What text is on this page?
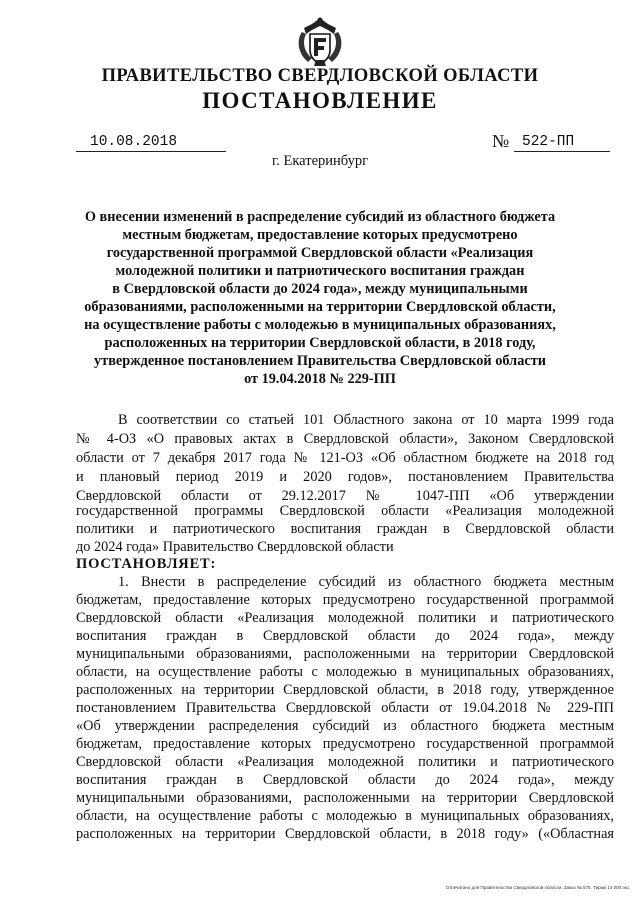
ПРАВИТЕЛЬСТВО СВЕРДЛОВСКОЙ ОБЛАСТИ
ПОСТАНОВЛЕНИЕ
10.08.2018	№ 522-ПП
г. Екатеринбург
О внесении изменений в распределение субсидий из областного бюджета
местным бюджетам, предоставление которых предусмотрено
государственной программой Свердловской области «Реализация
молодежной политики и патриотического воспитания граждан
в Свердловской области до 2024 года», между муниципальными
образованиями, расположенными на территории Свердловской области,
на осуществление работы с молодежью в муниципальных образованиях,
расположенных на территории Свердловской области, в 2018 году,
утвержденное постановлением Правительства Свердловской области
от 19.04.2018 № 229-ПП
В соответствии со статьей 101 Областного закона от 10 марта 1999 года
№ 4-ОЗ «О правовых актах в Свердловской области», Законом Свердловской
области от 7 декабря 2017 года № 121-ОЗ «Об областном бюджете на 2018 год
и плановый период 2019 и 2020 годов», постановлением Правительства
Свердловской области от 29.12.2017 № 1047-ПП «Об утверждении
государственной программы Свердловской области «Реализация молодежной
политики и патриотического воспитания граждан в Свердловской области
до 2024 года» Правительство Свердловской области
ПОСТАНОВЛЯЕТ:
1. Внести в распределение субсидий из областного бюджета местным
бюджетам, предоставление которых предусмотрено государственной программой
Свердловской области «Реализация молодежной политики и патриотического
воспитания граждан в Свердловской области до 2024 года», между
муниципальными образованиями, расположенными на территории Свердловской
области, на осуществление работы с молодежью в муниципальных образованиях,
расположенных на территории Свердловской области, в 2018 году, утвержденное
постановлением Правительства Свердловской области от 19.04.2018 № 229-ПП
«Об утверждении распределения субсидий из областного бюджета местным
бюджетам, предоставление которых предусмотрено государственной программой
Свердловской области «Реализация молодежной политики и патриотического
воспитания граждан в Свердловской области до 2024 года», между
муниципальными образованиями, расположенными на территории Свердловской
области, на осуществление работы с молодежью в муниципальных образованиях,
расположенных на территории Свердловской области, в 2018 году» («Областная
Отпечатано для Правительства Свердловской области. Заказ № 575. Тираж 14 000 экз.
